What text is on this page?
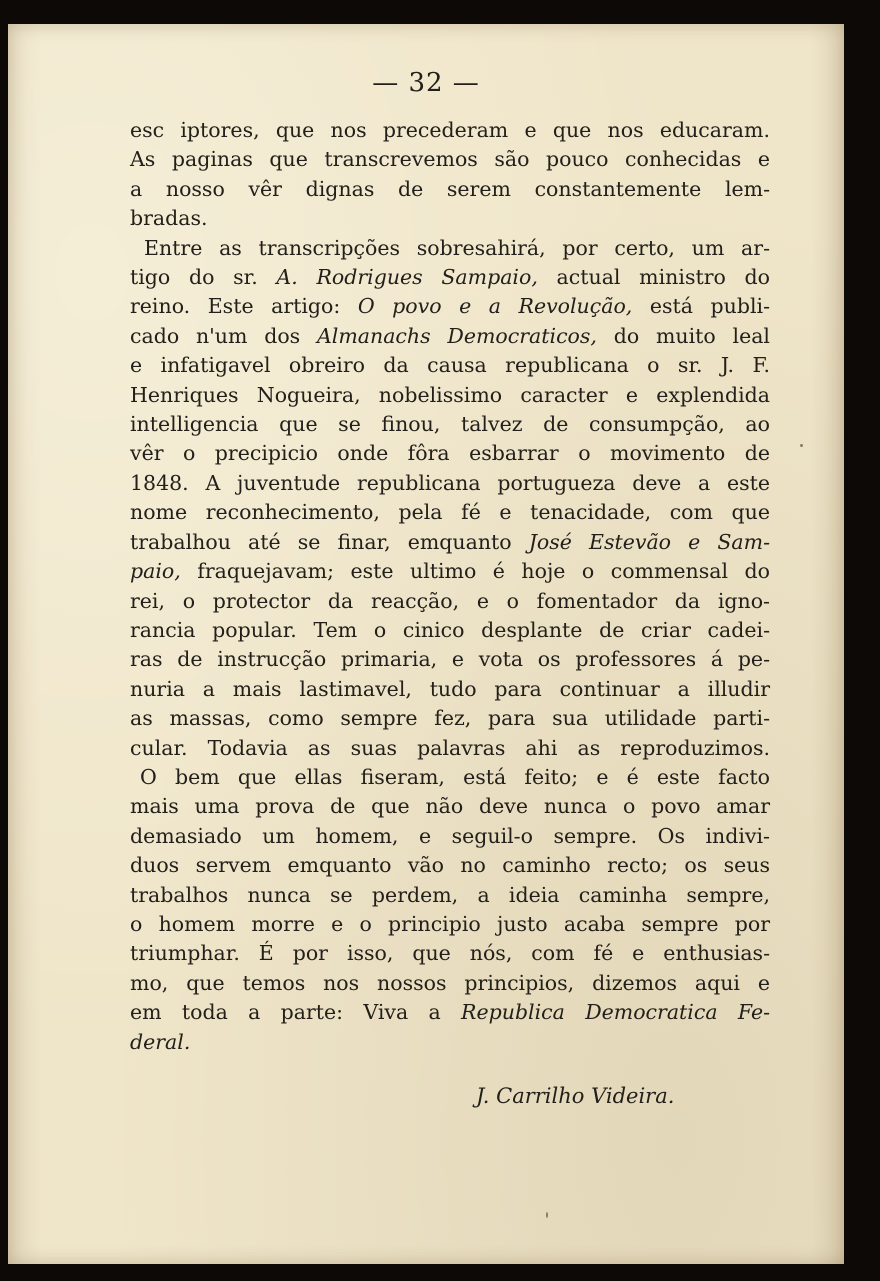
— 32 —
esc iptores, que nos precederam e que nos educaram.
As paginas que transcrevemos são pouco conhecidas e
a nosso vêr dignas de serem constantemente lem-
bradas.
Entre as transcripções sobresahirá, por certo, um ar-
tigo do sr. A. Rodrigues Sampaio, actual ministro do
reino. Este artigo: O povo e a Revolução, está publi-
cado n'um dos Almanachs Democraticos, do muito leal
e infatigavel obreiro da causa republicana o sr. J. F.
Henriques Nogueira, nobelissimo caracter e explendida
intelligencia que se finou, talvez de consumpção, ao
vêr o precipicio onde fôra esbarrar o movimento de
1848. A juventude republicana portugueza deve a este
nome reconhecimento, pela fé e tenacidade, com que
trabalhou até se finar, emquanto José Estevão e Sam-
paio, fraquejavam; este ultimo é hoje o commensal do
rei, o protector da reacção, e o fomentador da igno-
rancia popular. Tem o cinico desplante de criar cadei-
ras de instrucção primaria, e vota os professores á pe-
nuria a mais lastimavel, tudo para continuar a illudir
as massas, como sempre fez, para sua utilidade parti-
cular. Todavia as suas palavras ahi as reproduzimos.
O bem que ellas fiseram, está feito; e é este facto
mais uma prova de que não deve nunca o povo amar
demasiado um homem, e seguil-o sempre. Os indivi-
duos servem emquanto vão no caminho recto; os seus
trabalhos nunca se perdem, a ideia caminha sempre,
o homem morre e o principio justo acaba sempre por
triumphar. É por isso, que nós, com fé e enthusias-
mo, que temos nos nossos principios, dizemos aqui e
em toda a parte: Viva a Republica Democratica Fe-
deral.
J. Carrilho Videira.
